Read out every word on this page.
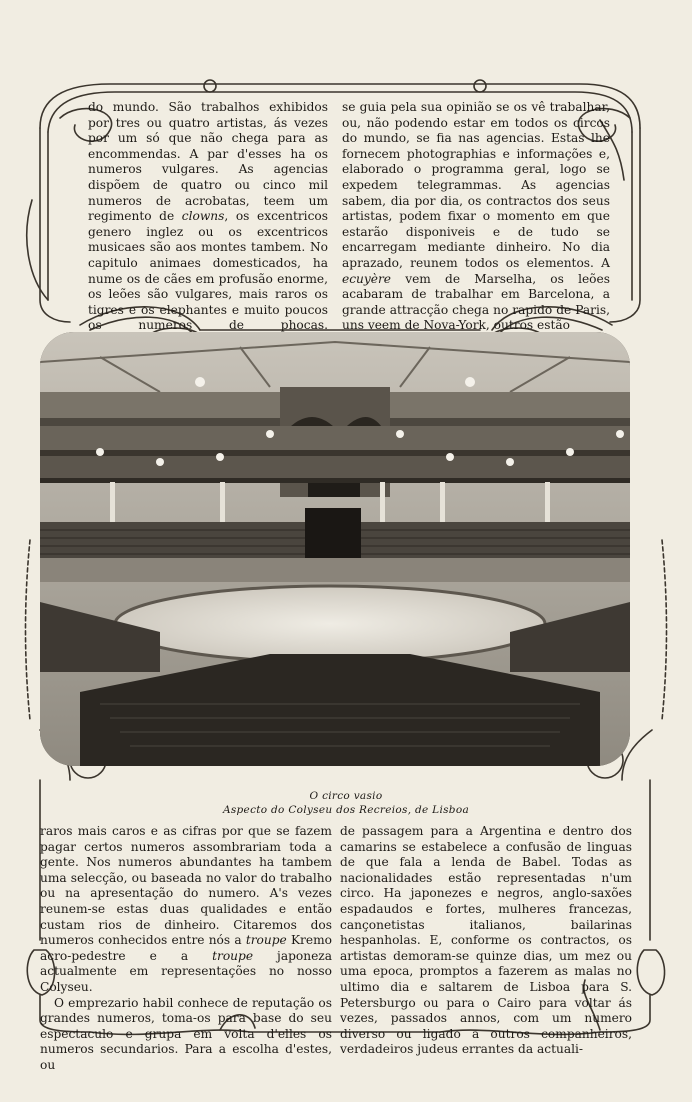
do mundo. São trabalhos exhibidos por tres ou quatro artistas, ás vezes por um só que não chega para as encommendas. A par d'esses ha os numeros vulgares. As agencias dispõem de quatro ou cinco mil numeros de acrobatas, teem um regimento de clowns, os excentricos genero inglez ou os excentricos musicaes são aos montes tambem. No capitulo animaes domesticados, ha nume os de cães em profusão enorme, os leões são vulgares, mais raros os tigres e os elephantes e muito poucos os numeros de phocas.

se guia pela sua opinião se os vê trabalhar, ou, não podendo estar em todos os circos do mundo, se fia nas agencias. Estas lhe fornecem photographias e informações e, elaborado o programma geral, logo se expedem telegrammas. As agencias sabem, dia por dia, os contractos dos seus artistas, podem fixar o momento em que estarão disponiveis e de tudo se encarregam mediante dinheiro. No dia aprazado, reunem todos os elementos. A ecuyère vem de Marselha, os leões acabaram de trabalhar em Barcelona, a grande attracção chega no rapido de Paris, uns veem de Nova-York, outros estão

O circo vasio
Aspecto do Colyseu dos Recreios, de Lisboa

raros mais caros e as cifras por que se fazem pagar certos numeros assombrariam toda a gente. Nos numeros abundantes ha tambem uma selecção, ou baseada no valor do trabalho ou na apresentação do numero. A's vezes reunem-se estas duas qualidades e então custam rios de dinheiro. Citaremos dos numeros conhecidos entre nós a troupe Kremo acro-pedestre e a troupe japoneza actualmente em representações no nosso Colyseu.

O emprezario habil conhece de reputação os grandes numeros, toma-os para base do seu espectaculo e grupa em volta d'elles os numeros secundarios. Para a escolha d'estes, ou

de passagem para a Argentina e dentro dos camarins se estabelece a confusão de linguas de que fala a lenda de Babel. Todas as nacionalidades estão representadas n'um circo. Ha japonezes e negros, anglo-saxões espadaudos e fortes, mulheres francezas, cançonetistas italianos, bailarinas hespanholas. E, conforme os contractos, os artistas demoram-se quinze dias, um mez ou uma epoca, promptos a fazerem as malas no ultimo dia e saltarem de Lisboa para S. Petersburgo ou para o Cairo para voltar ás vezes, passados annos, com um numero diverso ou ligado a outros companheiros, verdadeiros judeus errantes da actuali-
